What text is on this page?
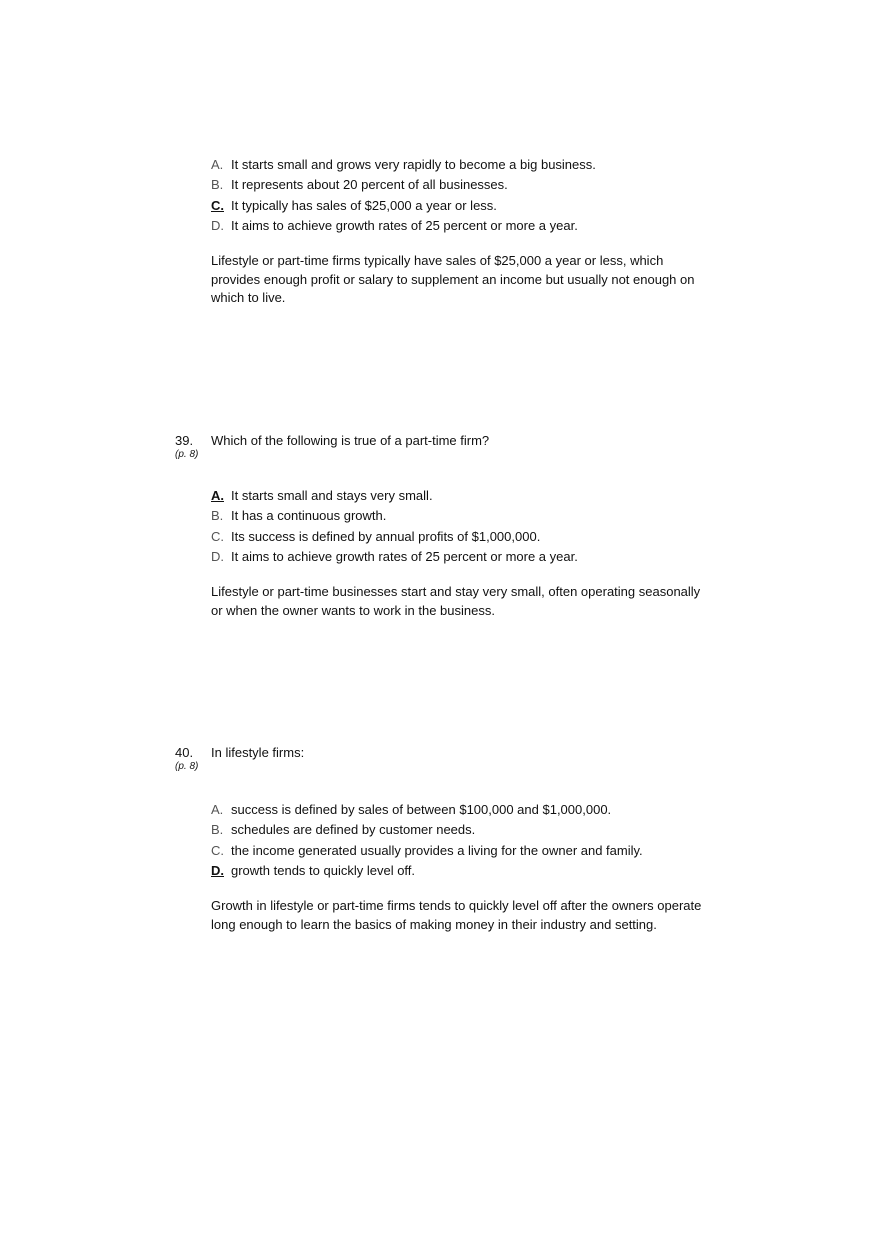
A. It starts small and grows very rapidly to become a big business.
B. It represents about 20 percent of all businesses.
C. It typically has sales of $25,000 a year or less.
D. It aims to achieve growth rates of 25 percent or more a year.

Lifestyle or part-time firms typically have sales of $25,000 a year or less, which provides enough profit or salary to supplement an income but usually not enough on which to live.

39.
(p. 8)
Which of the following is true of a part-time firm?
A. It starts small and stays very small.
B. It has a continuous growth.
C. Its success is defined by annual profits of $1,000,000.
D. It aims to achieve growth rates of 25 percent or more a year.

Lifestyle or part-time businesses start and stay very small, often operating seasonally or when the owner wants to work in the business.

40.
(p. 8)
In lifestyle firms:
A. success is defined by sales of between $100,000 and $1,000,000.
B. schedules are defined by customer needs.
C. the income generated usually provides a living for the owner and family.
D. growth tends to quickly level off.

Growth in lifestyle or part-time firms tends to quickly level off after the owners operate long enough to learn the basics of making money in their industry and setting.
